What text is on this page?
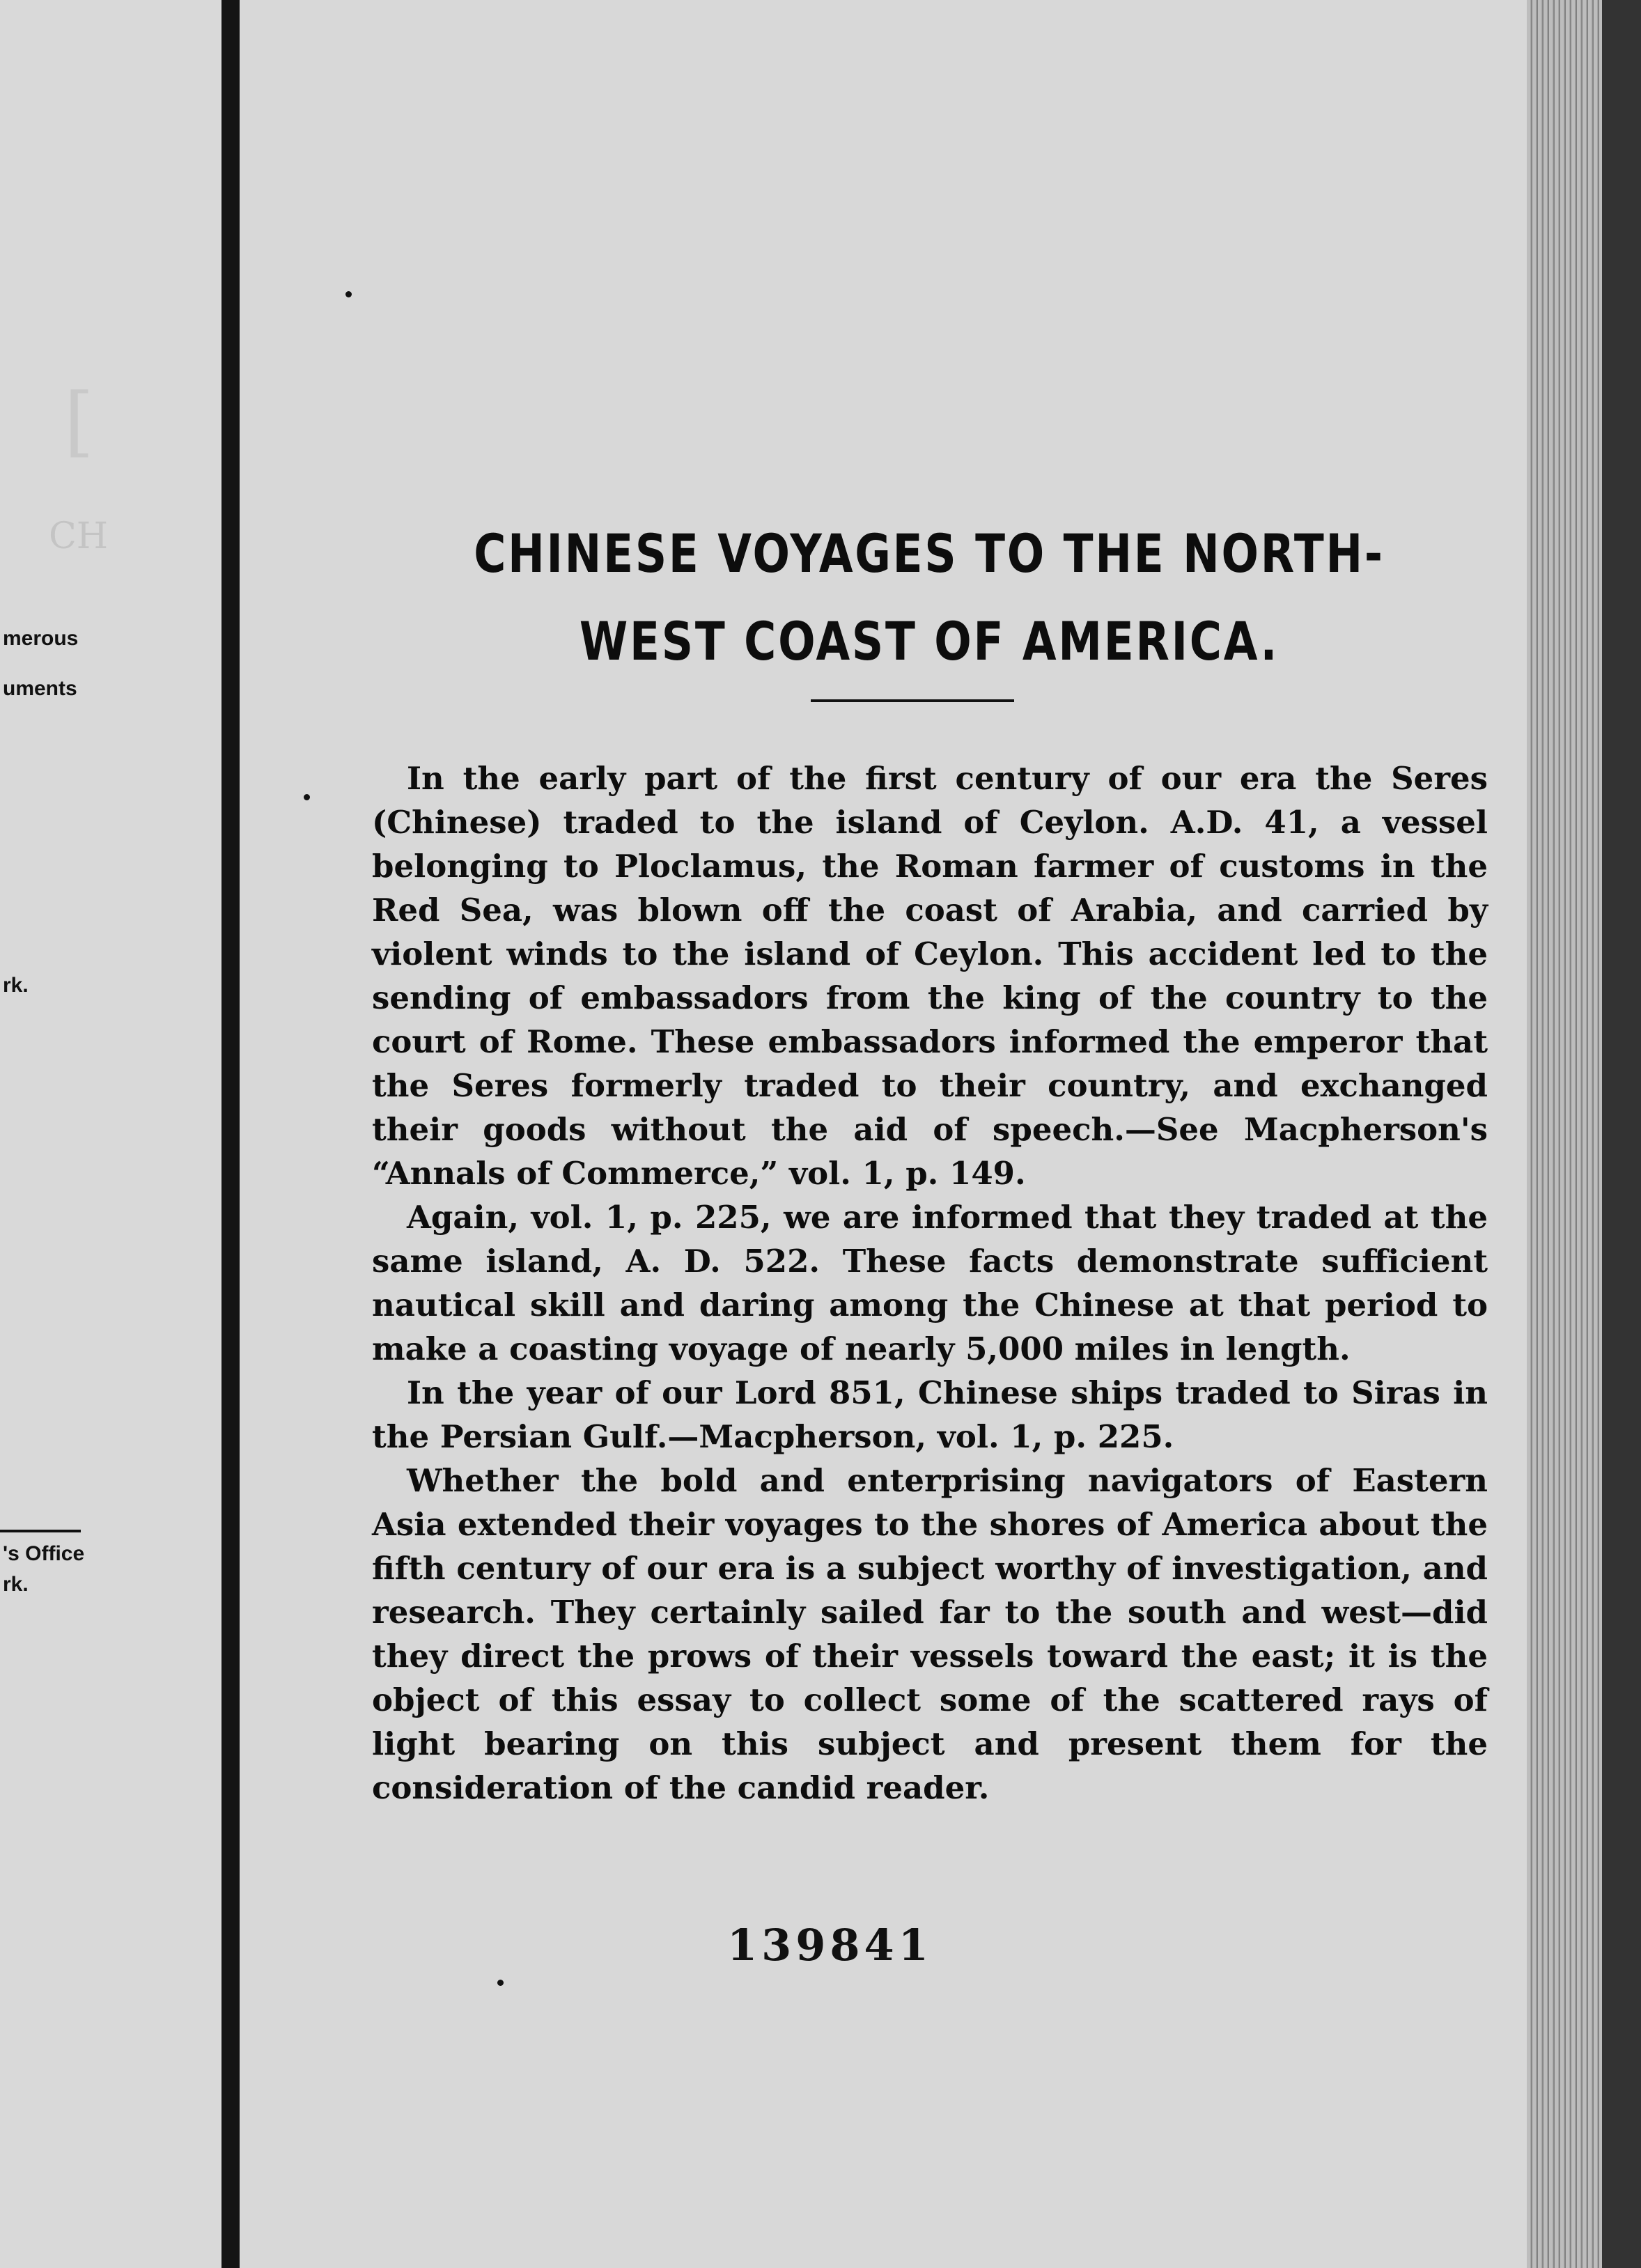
[
CH
merous
uments
rk.
's Office
rk.
CHINESE VOYAGES TO THE NORTH-WEST COAST OF AMERICA.

In the early part of the first century of our era the Seres (Chinese) traded to the island of Ceylon. A.D. 41, a vessel belonging to Ploclamus, the Roman farmer of customs in the Red Sea, was blown off the coast of Arabia, and carried by violent winds to the island of Ceylon. This accident led to the sending of embassadors from the king of the country to the court of Rome. These embassadors informed the emperor that the Seres formerly traded to their country, and exchanged their goods without the aid of speech.—See Macpherson's “Annals of Commerce,” vol. 1, p. 149.

Again, vol. 1, p. 225, we are informed that they traded at the same island, A. D. 522. These facts demonstrate sufficient nautical skill and daring among the Chinese at that period to make a coasting voyage of nearly 5,000 miles in length.

In the year of our Lord 851, Chinese ships traded to Siras in the Persian Gulf.—Macpherson, vol. 1, p. 225.

Whether the bold and enterprising navigators of Eastern Asia extended their voyages to the shores of America about the fifth century of our era is a subject worthy of investigation, and research. They certainly sailed far to the south and west—did they direct the prows of their vessels toward the east; it is the object of this essay to collect some of the scattered rays of light bearing on this subject and present them for the consideration of the candid reader.

139841
